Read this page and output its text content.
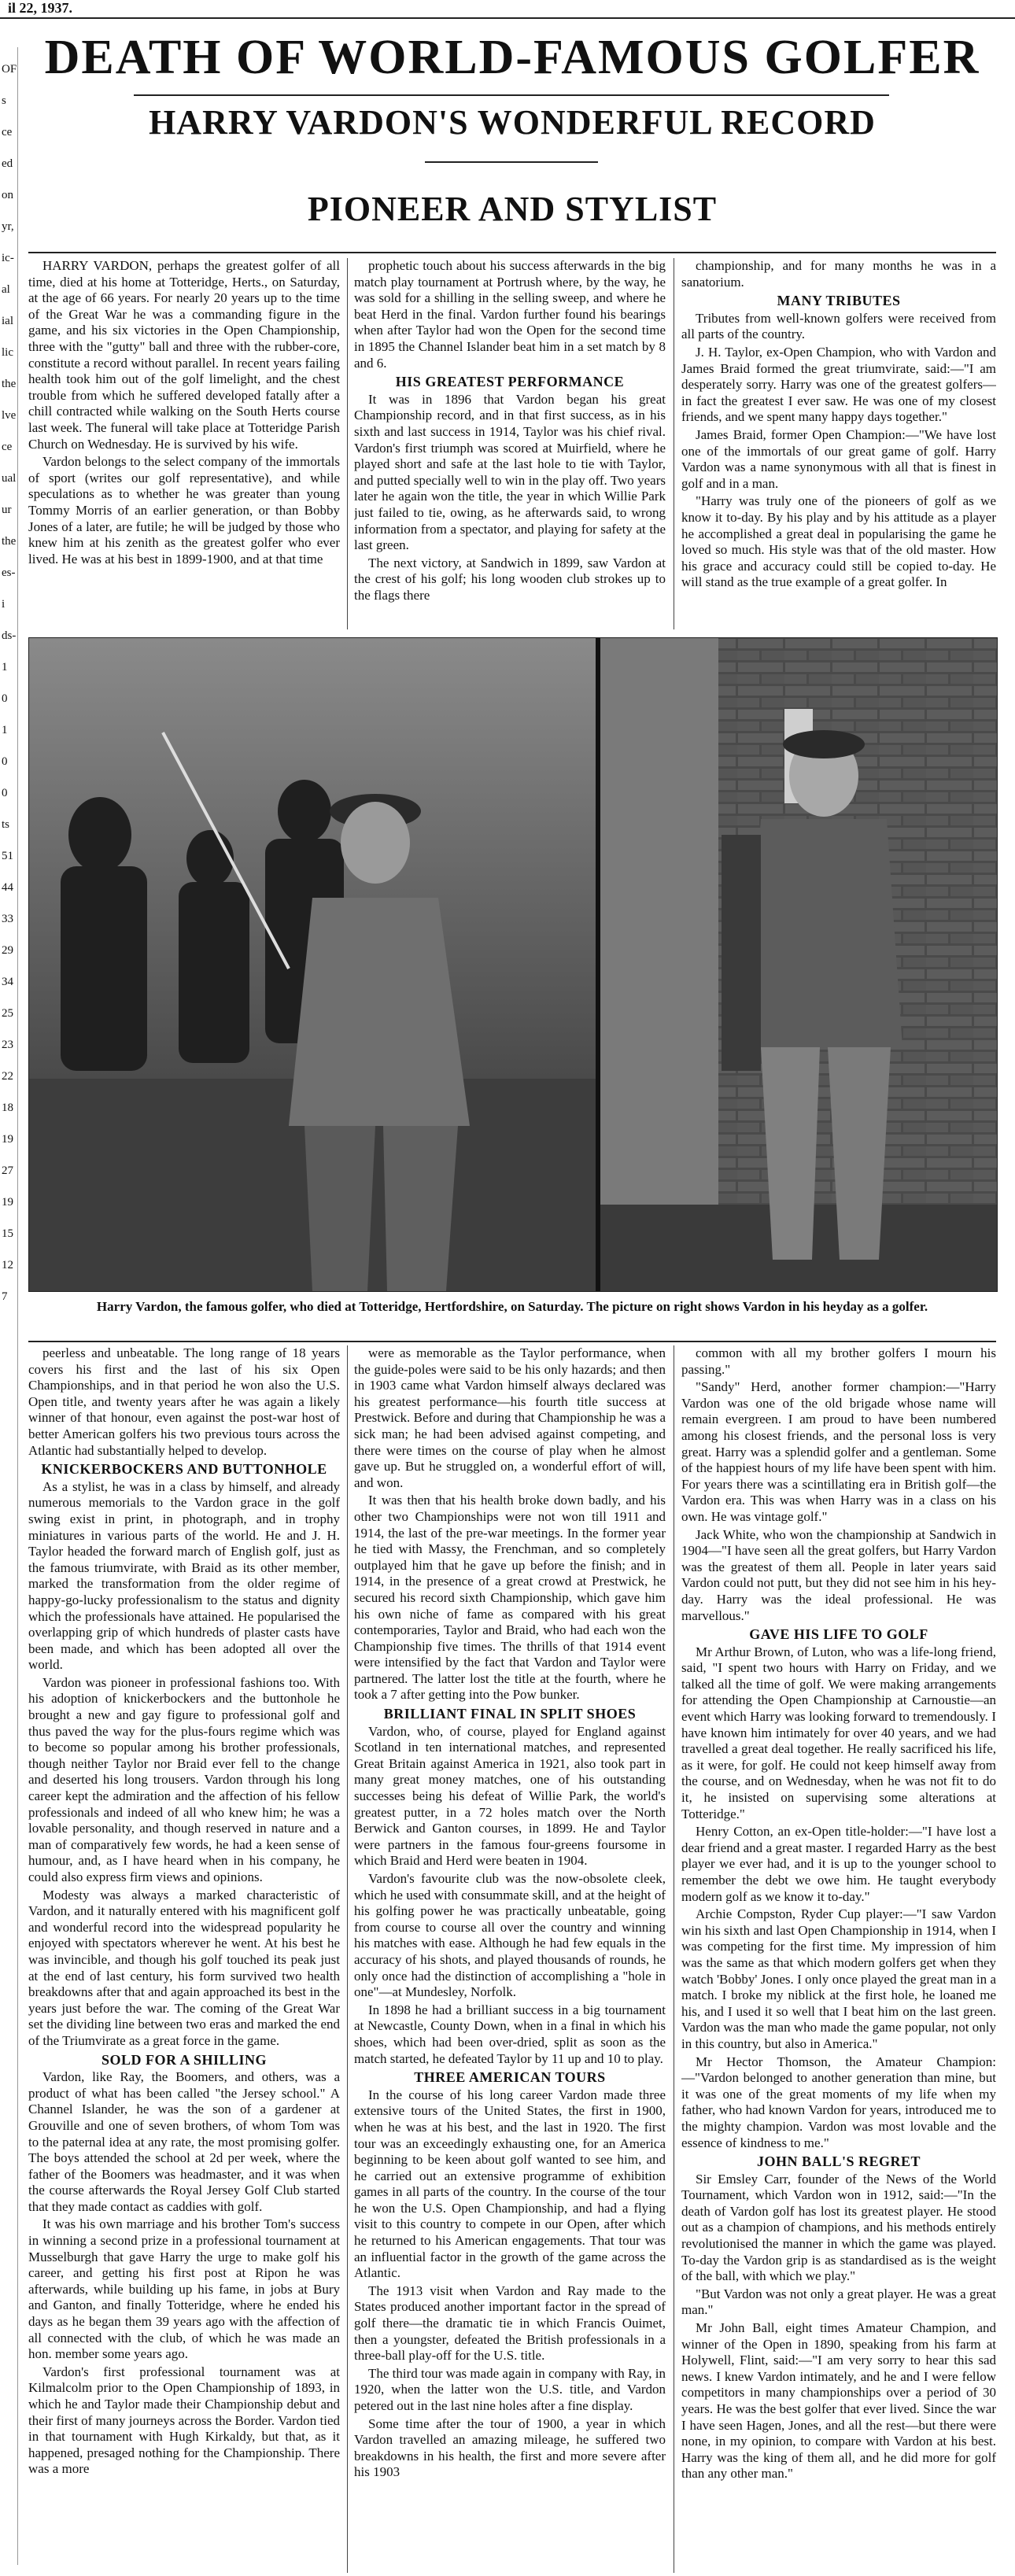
il 22, 1937.
OF
s
ce
ed
on
yr,
ic-
al
ial
lic
the
lve
ce
ual
ur
the
es-
i
ds-
1
0
1
0
0
ts
51
44
33
29
34
25
23
22
18
19
27
19
15
12
7
DEATH OF WORLD-FAMOUS GOLFER
HARRY VARDON'S WONDERFUL RECORD
PIONEER AND STYLIST

HARRY VARDON, perhaps the greatest golfer of all time, died at his home at Totteridge, Herts., on Saturday, at the age of 66 years. For nearly 20 years up to the time of the Great War he was a commanding figure in the game, and his six victories in the Open Championship, three with the "gutty" ball and three with the rubber-core, constitute a record without parallel. In recent years failing health took him out of the golf limelight, and the chest trouble from which he suffered developed fatally after a chill contracted while walking on the South Herts course last week. The funeral will take place at Totteridge Parish Church on Wednesday. He is survived by his wife.

Vardon belongs to the select company of the immortals of sport (writes our golf representative), and while speculations as to whether he was greater than young Tommy Morris of an earlier generation, or than Bobby Jones of a later, are futile; he will be judged by those who knew him at his zenith as the greatest golfer who ever lived. He was at his best in 1899-1900, and at that time

prophetic touch about his success afterwards in the big match play tournament at Portrush where, by the way, he was sold for a shilling in the selling sweep, and where he beat Herd in the final. Vardon further found his bearings when after Taylor had won the Open for the second time in 1895 the Channel Islander beat him in a set match by 8 and 6.

HIS GREATEST PERFORMANCE

It was in 1896 that Vardon began his great Championship record, and in that first success, as in his sixth and last success in 1914, Taylor was his chief rival. Vardon's first triumph was scored at Muirfield, where he played short and safe at the last hole to tie with Taylor, and putted specially well to win in the play off. Two years later he again won the title, the year in which Willie Park just failed to tie, owing, as he afterwards said, to wrong information from a spectator, and playing for safety at the last green.

The next victory, at Sandwich in 1899, saw Vardon at the crest of his golf; his long wooden club strokes up to the flags there

championship, and for many months he was in a sanatorium.

MANY TRIBUTES

Tributes from well-known golfers were received from all parts of the country.

J. H. Taylor, ex-Open Champion, who with Vardon and James Braid formed the great triumvirate, said:—"I am desperately sorry. Harry was one of the greatest golfers—in fact the greatest I ever saw. He was one of my closest friends, and we spent many happy days together."

James Braid, former Open Champion:—"We have lost one of the immortals of our great game of golf. Harry Vardon was a name synonymous with all that is finest in golf and in a man.

"Harry was truly one of the pioneers of golf as we know it to-day. By his play and by his attitude as a player he accomplished a great deal in popularising the game he loved so much. His style was that of the old master. How his grace and accuracy could still be copied to-day. He will stand as the true example of a great golfer. In

Harry Vardon, the famous golfer, who died at Totteridge, Hertfordshire, on Saturday. The picture on right shows Vardon in his heyday as a golfer.

peerless and unbeatable. The long range of 18 years covers his first and the last of his six Open Championships, and in that period he won also the U.S. Open title, and twenty years after he was again a likely winner of that honour, even against the post-war host of better American golfers his two previous tours across the Atlantic had substantially helped to develop.

KNICKERBOCKERS AND BUTTONHOLE

As a stylist, he was in a class by himself, and already numerous memorials to the Vardon grace in the golf swing exist in print, in photograph, and in trophy miniatures in various parts of the world. He and J. H. Taylor headed the forward march of English golf, just as the famous triumvirate, with Braid as its other member, marked the transformation from the older regime of happy-go-lucky professionalism to the status and dignity which the professionals have attained. He popularised the overlapping grip of which hundreds of plaster casts have been made, and which has been adopted all over the world.

Vardon was pioneer in professional fashions too. With his adoption of knickerbockers and the buttonhole he brought a new and gay figure to professional golf and thus paved the way for the plus-fours regime which was to become so popular among his brother professionals, though neither Taylor nor Braid ever fell to the change and deserted his long trousers. Vardon through his long career kept the admiration and the affection of his fellow professionals and indeed of all who knew him; he was a lovable personality, and though reserved in nature and a man of comparatively few words, he had a keen sense of humour, and, as I have heard when in his company, he could also express firm views and opinions.

Modesty was always a marked characteristic of Vardon, and it naturally entered with his magnificent golf and wonderful record into the widespread popularity he enjoyed with spectators wherever he went. At his best he was invincible, and though his golf touched its peak just at the end of last century, his form survived two health breakdowns after that and again approached its best in the years just before the war. The coming of the Great War set the dividing line between two eras and marked the end of the Triumvirate as a great force in the game.

SOLD FOR A SHILLING

Vardon, like Ray, the Boomers, and others, was a product of what has been called "the Jersey school." A Channel Islander, he was the son of a gardener at Grouville and one of seven brothers, of whom Tom was to the paternal idea at any rate, the most promising golfer. The boys attended the school at 2d per week, where the father of the Boomers was headmaster, and it was when the course afterwards the Royal Jersey Golf Club started that they made contact as caddies with golf.

It was his own marriage and his brother Tom's success in winning a second prize in a professional tournament at Musselburgh that gave Harry the urge to make golf his career, and getting his first post at Ripon he was afterwards, while building up his fame, in jobs at Bury and Ganton, and finally Totteridge, where he ended his days as he began them 39 years ago with the affection of all connected with the club, of which he was made an hon. member some years ago.

Vardon's first professional tournament was at Kilmalcolm prior to the Open Championship of 1893, in which he and Taylor made their Championship debut and their first of many journeys across the Border. Vardon tied in that tournament with Hugh Kirkaldy, but that, as it happened, presaged nothing for the Championship. There was a more

were as memorable as the Taylor performance, when the guide-poles were said to be his only hazards; and then in 1903 came what Vardon himself always declared was his greatest performance—his fourth title success at Prestwick. Before and during that Championship he was a sick man; he had been advised against competing, and there were times on the course of play when he almost gave up. But he struggled on, a wonderful effort of will, and won.

It was then that his health broke down badly, and his other two Championships were not won till 1911 and 1914, the last of the pre-war meetings. In the former year he tied with Massy, the Frenchman, and so completely outplayed him that he gave up before the finish; and in 1914, in the presence of a great crowd at Prestwick, he secured his record sixth Championship, which gave him his own niche of fame as compared with his great contemporaries, Taylor and Braid, who had each won the Championship five times. The thrills of that 1914 event were intensified by the fact that Vardon and Taylor were partnered. The latter lost the title at the fourth, where he took a 7 after getting into the Pow bunker.

BRILLIANT FINAL IN SPLIT SHOES

Vardon, who, of course, played for England against Scotland in ten international matches, and represented Great Britain against America in 1921, also took part in many great money matches, one of his outstanding successes being his defeat of Willie Park, the world's greatest putter, in a 72 holes match over the North Berwick and Ganton courses, in 1899. He and Taylor were partners in the famous four-greens foursome in which Braid and Herd were beaten in 1904.

Vardon's favourite club was the now-obsolete cleek, which he used with consummate skill, and at the height of his golfing power he was practically unbeatable, going from course to course all over the country and winning his matches with ease. Although he had few equals in the accuracy of his shots, and played thousands of rounds, he only once had the distinction of accomplishing a "hole in one"—at Mundesley, Norfolk.

In 1898 he had a brilliant success in a big tournament at Newcastle, County Down, when in a final in which his shoes, which had been over-dried, split as soon as the match started, he defeated Taylor by 11 up and 10 to play.

THREE AMERICAN TOURS

In the course of his long career Vardon made three extensive tours of the United States, the first in 1900, when he was at his best, and the last in 1920. The first tour was an exceedingly exhausting one, for an America beginning to be keen about golf wanted to see him, and he carried out an extensive programme of exhibition games in all parts of the country. In the course of the tour he won the U.S. Open Championship, and had a flying visit to this country to compete in our Open, after which he returned to his American engagements. That tour was an influential factor in the growth of the game across the Atlantic.

The 1913 visit when Vardon and Ray made to the States produced another important factor in the spread of golf there—the dramatic tie in which Francis Ouimet, then a youngster, defeated the British professionals in a three-ball play-off for the U.S. title.

The third tour was made again in company with Ray, in 1920, when the latter won the U.S. title, and Vardon petered out in the last nine holes after a fine display.

Some time after the tour of 1900, a year in which Vardon travelled an amazing mileage, he suffered two breakdowns in his health, the first and more severe after his 1903

common with all my brother golfers I mourn his passing."

"Sandy" Herd, another former champion:—"Harry Vardon was one of the old brigade whose name will remain evergreen. I am proud to have been numbered among his closest friends, and the personal loss is very great. Harry was a splendid golfer and a gentleman. Some of the happiest hours of my life have been spent with him. For years there was a scintillating era in British golf—the Vardon era. This was when Harry was in a class on his own. He was vintage golf."

Jack White, who won the championship at Sandwich in 1904—"I have seen all the great golfers, but Harry Vardon was the greatest of them all. People in later years said Vardon could not putt, but they did not see him in his hey-day. Harry was the ideal professional. He was marvellous."

GAVE HIS LIFE TO GOLF

Mr Arthur Brown, of Luton, who was a life-long friend, said, "I spent two hours with Harry on Friday, and we talked all the time of golf. We were making arrangements for attending the Open Championship at Carnoustie—an event which Harry was looking forward to tremendously. I have known him intimately for over 40 years, and we had travelled a great deal together. He really sacrificed his life, as it were, for golf. He could not keep himself away from the course, and on Wednesday, when he was not fit to do it, he insisted on supervising some alterations at Totteridge."

Henry Cotton, an ex-Open title-holder:—"I have lost a dear friend and a great master. I regarded Harry as the best player we ever had, and it is up to the younger school to remember the debt we owe him. He taught everybody modern golf as we know it to-day."

Archie Compston, Ryder Cup player:—"I saw Vardon win his sixth and last Open Championship in 1914, when I was competing for the first time. My impression of him was the same as that which modern golfers get when they watch 'Bobby' Jones. I only once played the great man in a match. I broke my niblick at the first hole, he loaned me his, and I used it so well that I beat him on the last green. Vardon was the man who made the game popular, not only in this country, but also in America."

Mr Hector Thomson, the Amateur Champion:—"Vardon belonged to another generation than mine, but it was one of the great moments of my life when my father, who had known Vardon for years, introduced me to the mighty champion. Vardon was most lovable and the essence of kindness to me."

JOHN BALL'S REGRET

Sir Emsley Carr, founder of the News of the World Tournament, which Vardon won in 1912, said:—"In the death of Vardon golf has lost its greatest player. He stood out as a champion of champions, and his methods entirely revolutionised the manner in which the game was played. To-day the Vardon grip is as standardised as is the weight of the ball, with which we play."

"But Vardon was not only a great player. He was a great man."

Mr John Ball, eight times Amateur Champion, and winner of the Open in 1890, speaking from his farm at Holywell, Flint, said:—"I am very sorry to hear this sad news. I knew Vardon intimately, and he and I were fellow competitors in many championships over a period of 30 years. He was the best golfer that ever lived. Since the war I have seen Hagen, Jones, and all the rest—but there were none, in my opinion, to compare with Vardon at his best. Harry was the king of them all, and he did more for golf than any other man."
